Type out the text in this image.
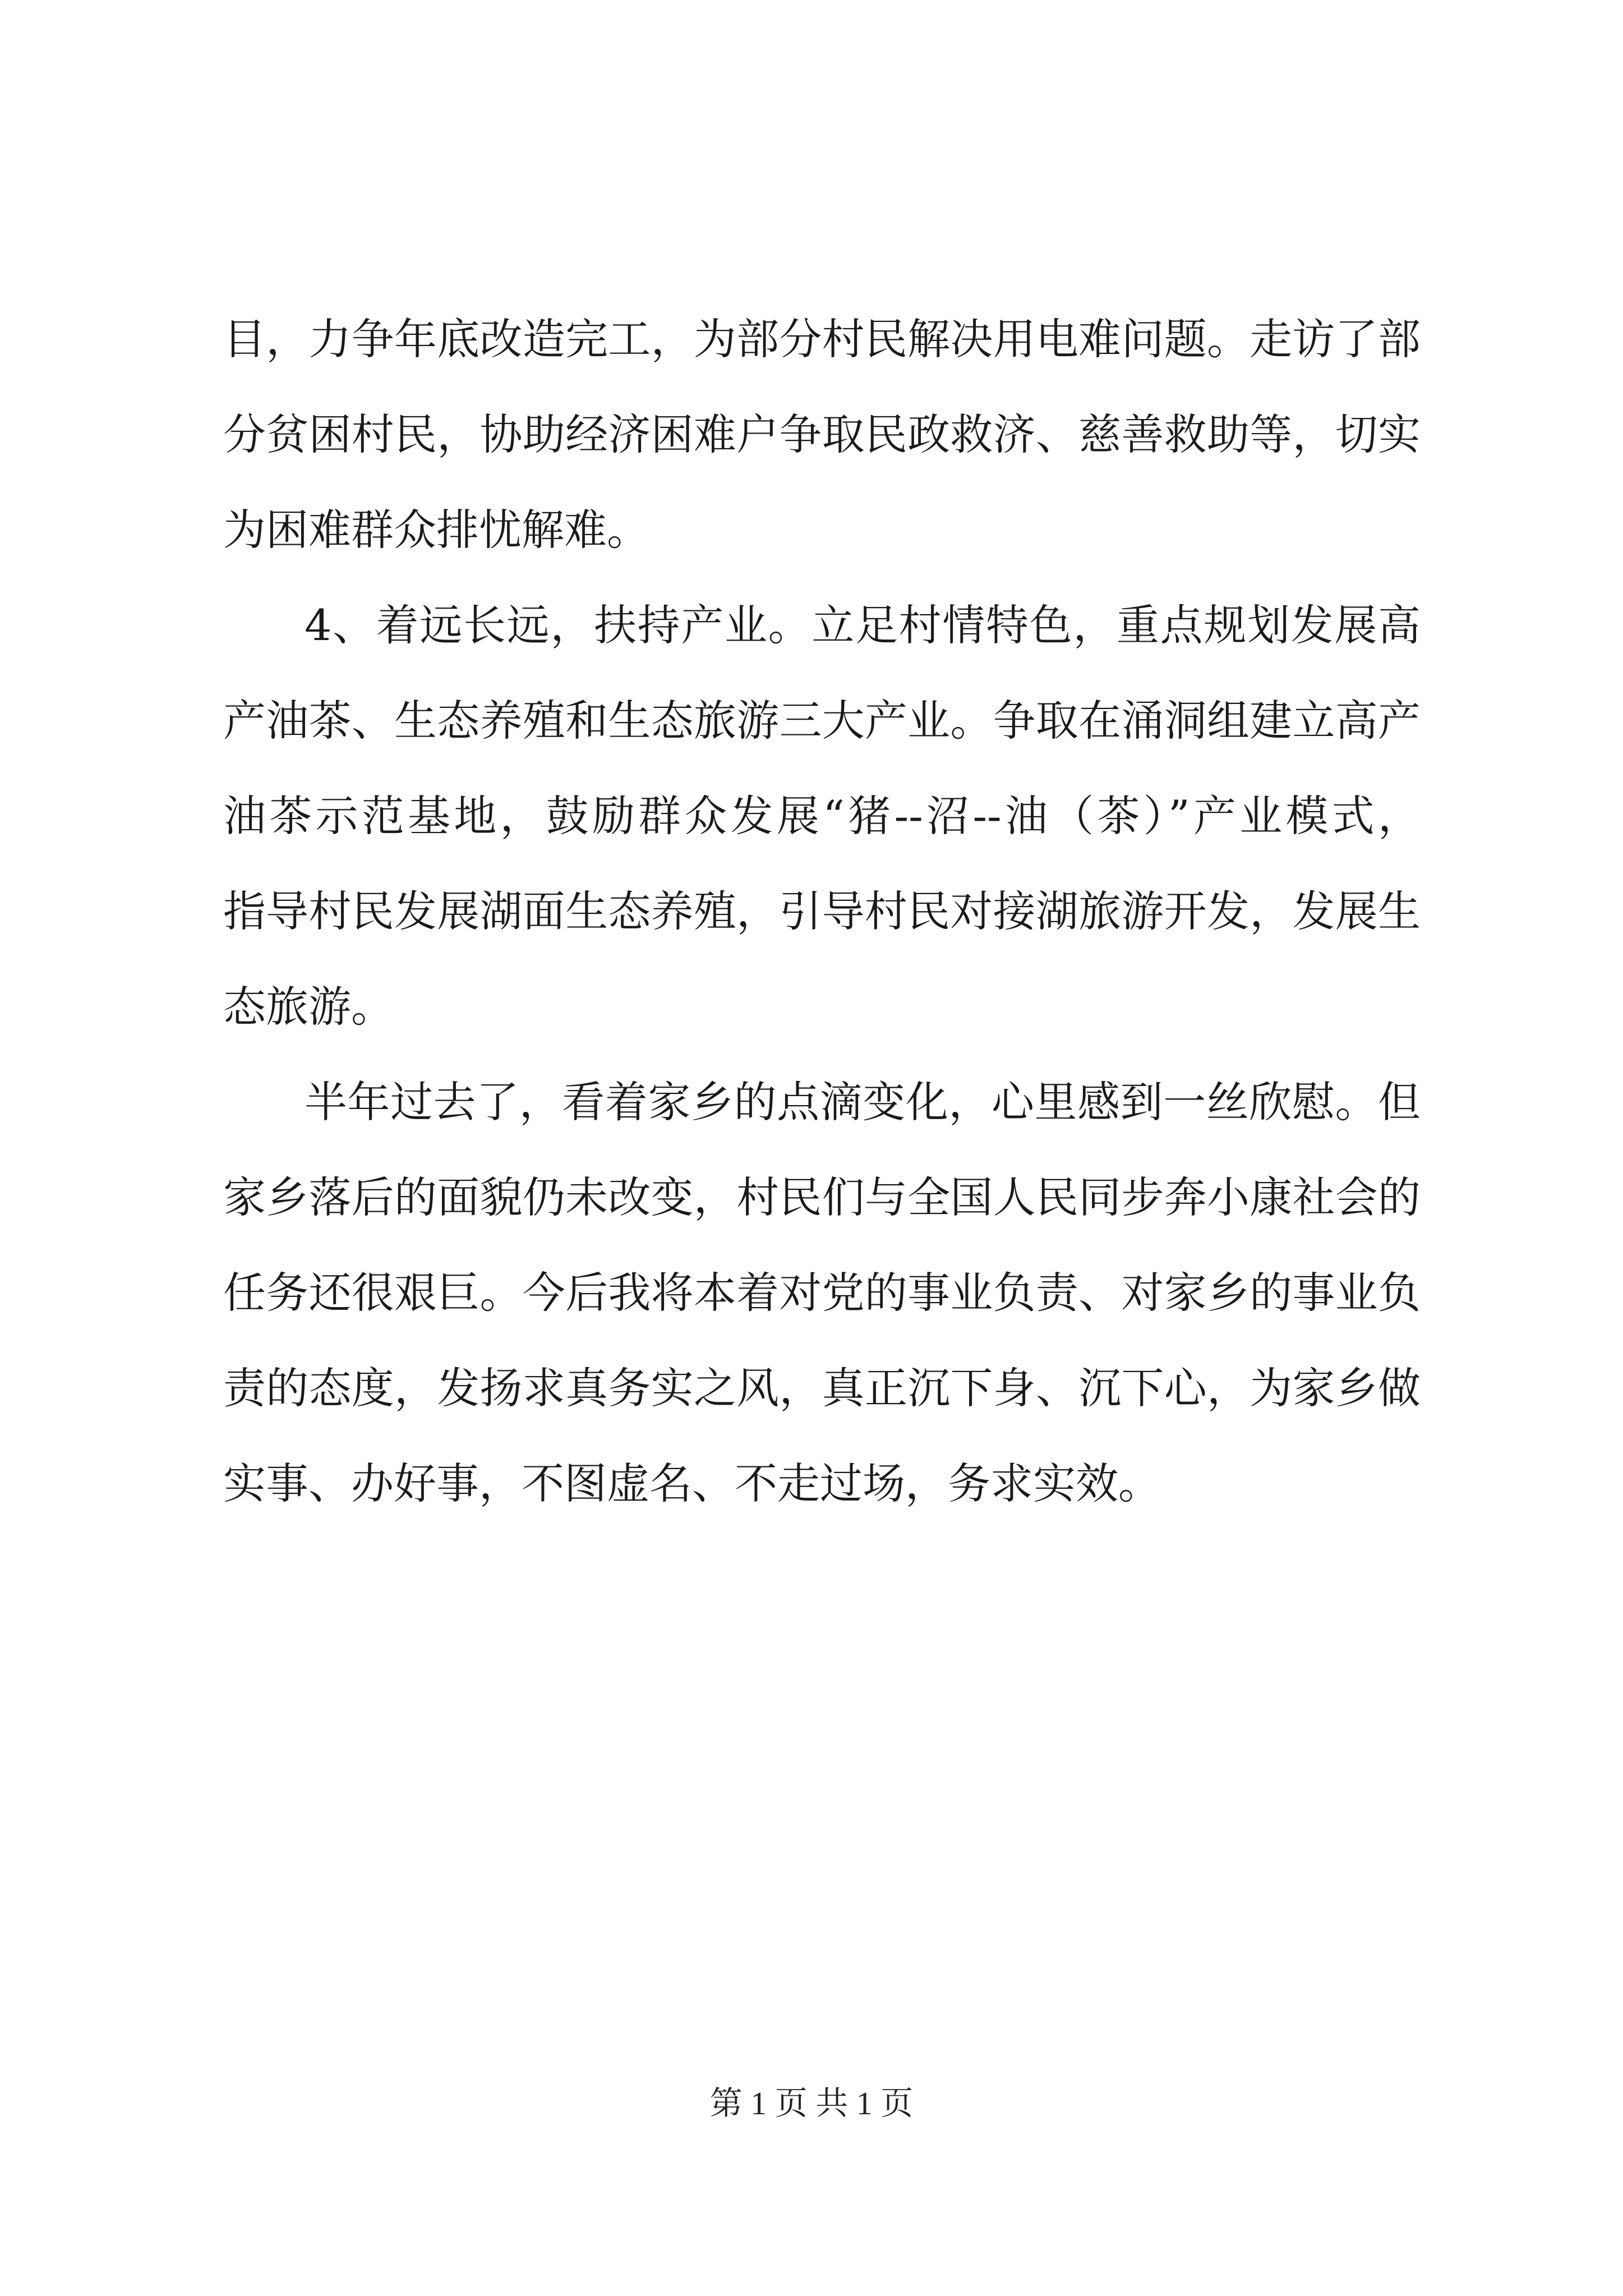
目，力争年底改造完工，为部分村民解决用电难问题。走访了部
分贫困村民，协助经济困难户争取民政救济、慈善救助等，切实
为困难群众排忧解难。
4、着远长远，扶持产业。立足村情特色，重点规划发展高
产油茶、生态养殖和生态旅游三大产业。争取在涌洞组建立高产
油茶示范基地，鼓励群众发展“猪--沼--油（茶）”产业模式，
指导村民发展湖面生态养殖，引导村民对接湖旅游开发，发展生
态旅游。
半年过去了，看着家乡的点滴变化，心里感到一丝欣慰。但
家乡落后的面貌仍未改变，村民们与全国人民同步奔小康社会的
任务还很艰巨。今后我将本着对党的事业负责、对家乡的事业负
责的态度，发扬求真务实之风，真正沉下身、沉下心，为家乡做
实事、办好事，不图虚名、不走过场，务求实效。
第 1 页 共 1 页
